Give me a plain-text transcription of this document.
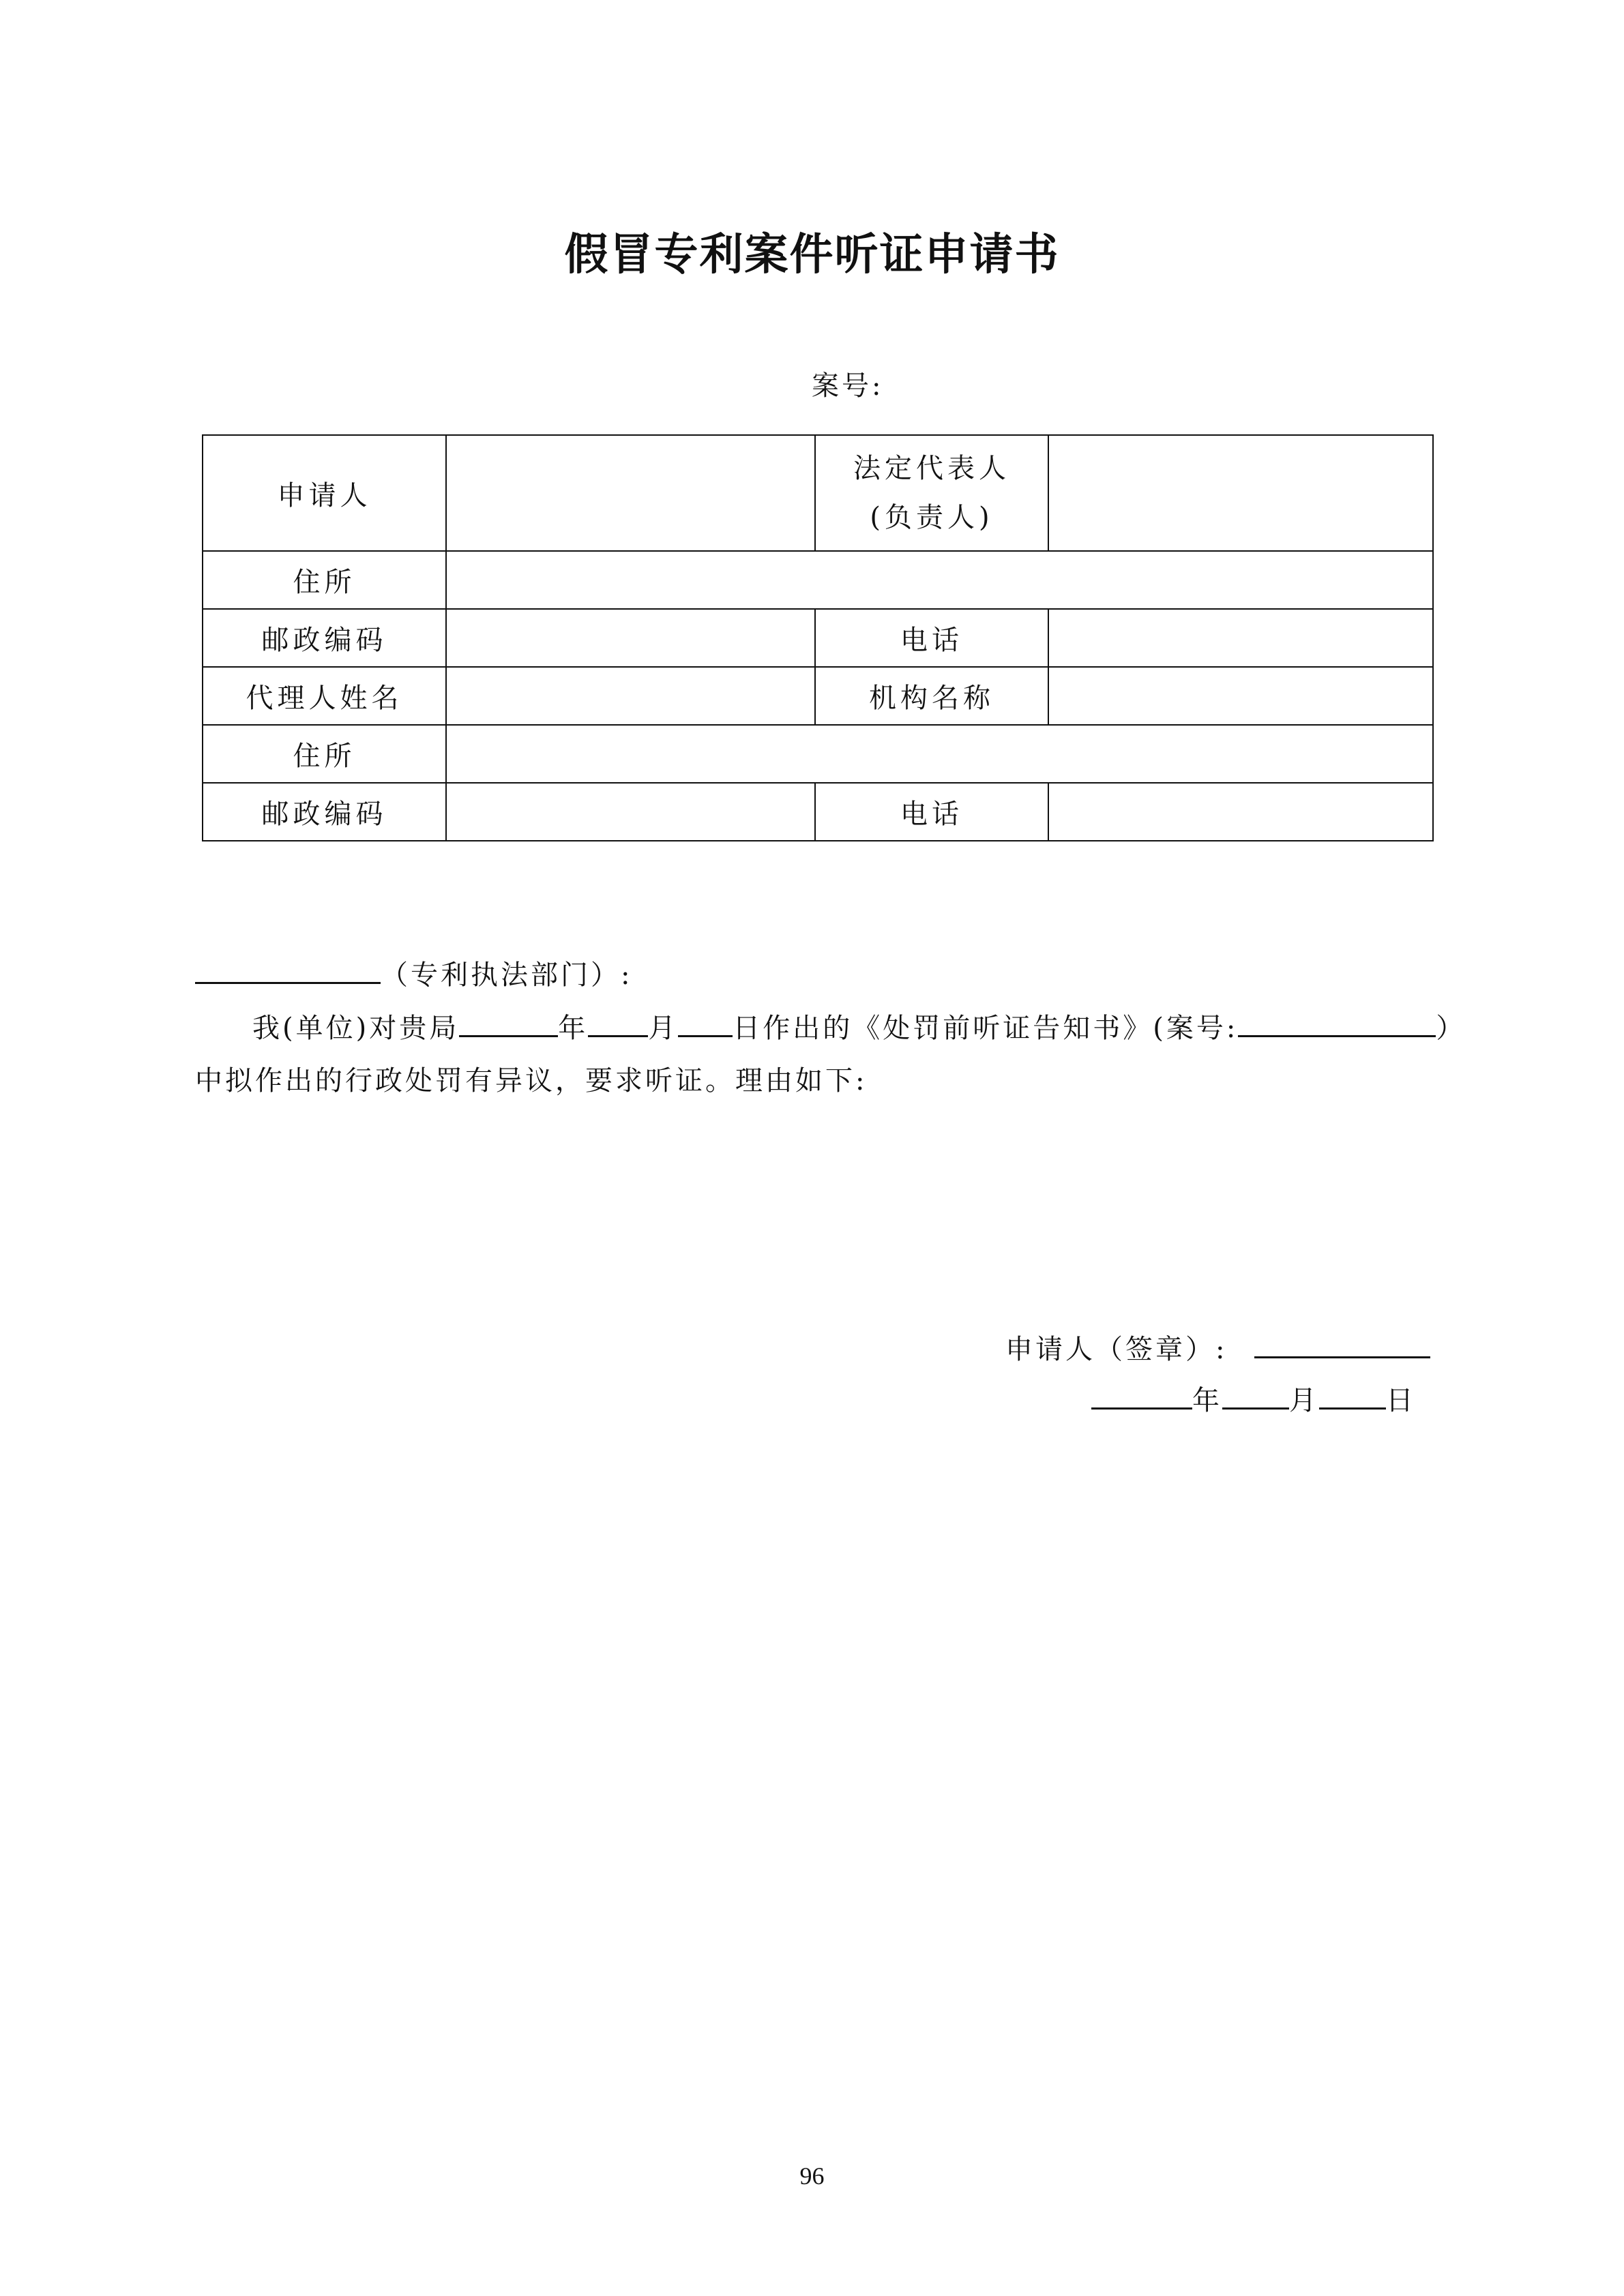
假冒专利案件听证申请书
案号:
申请人		法定代表人
(负责人)	
住所			
邮政编码		电话	
代理人姓名		机构名称	
住所			
邮政编码		电话	
（专利执法部门）:
我(单位)对贵局	年 月 日作出的《处罚前听证告知书》(案号:	）
中拟作出的行政处罚有异议，要求听证。理由如下:
申请人（签章）:
年 月 日
96
